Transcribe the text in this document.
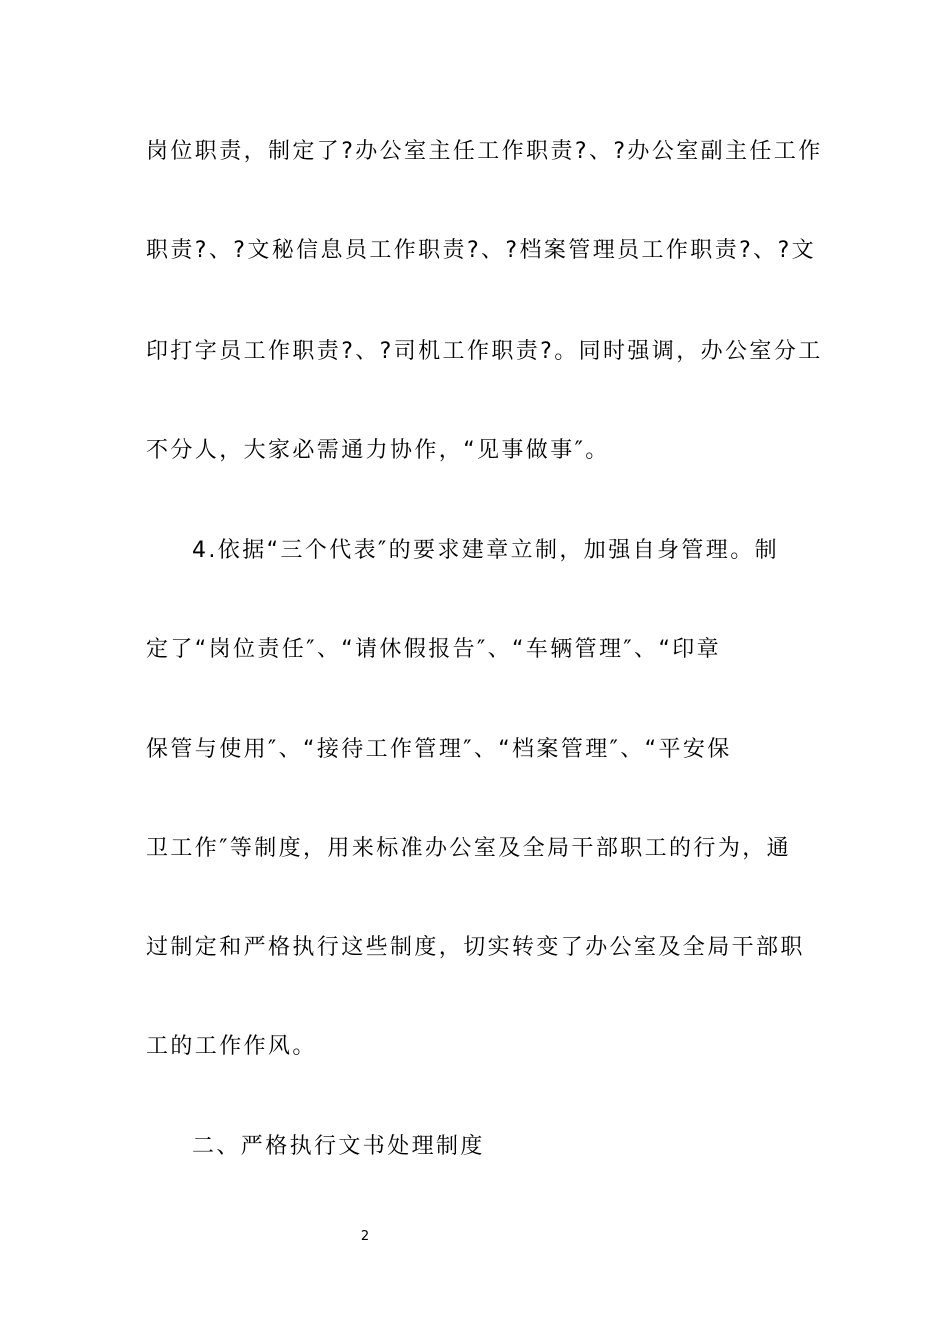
岗位职责，制定了?办公室主任工作职责?、?办公室副主任工作
职责?、?文秘信息员工作职责?、?档案管理员工作职责?、?文
印打字员工作职责?、?司机工作职责?。同时强调，办公室分工
不分人，大家必需通力协作，“见事做事″。
4.依据“三个代表″的要求建章立制，加强自身管理。制
定了“岗位责任″、“请休假报告″、“车辆管理″、“印章
保管与使用″、“接待工作管理″、“档案管理″、“平安保
卫工作″等制度，用来标准办公室及全局干部职工的行为，通
过制定和严格执行这些制度，切实转变了办公室及全局干部职
工的工作作风。
二、严格执行文书处理制度
2
